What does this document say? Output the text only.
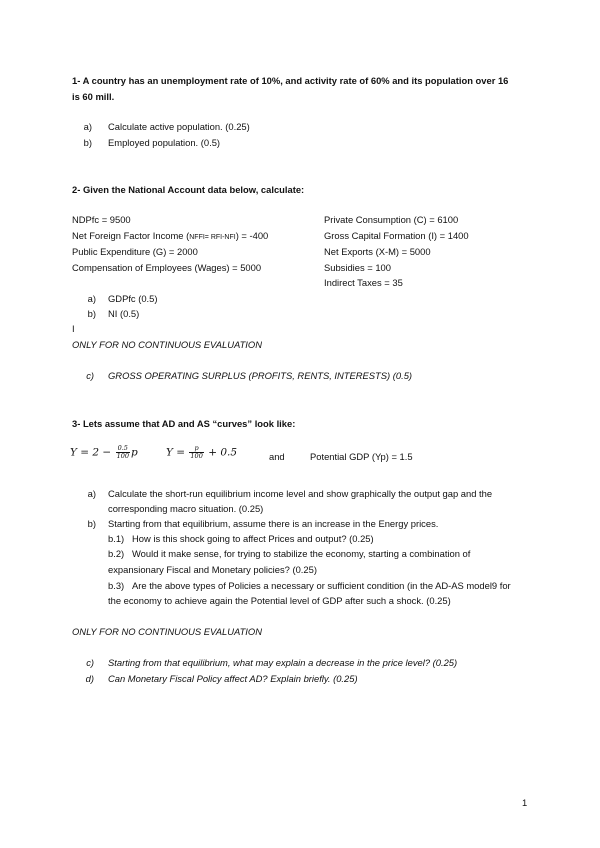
1- A country has an unemployment rate of 10%, and activity rate of 60% and its population over 16
is 60 mill.
a) Calculate active population. (0.25)
b) Employed population. (0.5)
2- Given the National Account data below, calculate:
NDPfc = 9500
Net Foreign Factor Income (NFFI= RFI-NFI) = -400
Public Expenditure (G) = 2000
Compensation of Employees (Wages) = 5000
Private Consumption (C) = 6100
Gross Capital Formation (I) = 1400
Net Exports (X-M) = 5000
Subsidies = 100
Indirect Taxes = 35
a) GDPfc (0.5)
b) NI (0.5)
I
ONLY FOR NO CONTINUOUS EVALUATION
c) GROSS OPERATING SURPLUS (PROFITS, RENTS, INTERESTS) (0.5)
3- Lets assume that AD and AS “curves” look like:
$Y = 2 - \frac{0.5}{100}$ p	$Y = \frac{p}{100} + 0.5$	and	Potential GDP (Yp) = 1.5
a) Calculate the short-run equilibrium income level and show graphically the output gap and the
corresponding macro situation. (0.25)
b) Starting from that equilibrium, assume there is an increase in the Energy prices.
b.1) How is this shock going to affect Prices and output? (0.25)
b.2) Would it make sense, for trying to stabilize the economy, starting a combination of
expansionary Fiscal and Monetary policies? (0.25)
b.3) Are the above types of Policies a necessary or sufficient condition (in the AD-AS model9 for
the economy to achieve again the Potential level of GDP after such a shock. (0.25)
ONLY FOR NO CONTINUOUS EVALUATION
c) Starting from that equilibrium, what may explain a decrease in the price level? (0.25)
d) Can Monetary Fiscal Policy affect AD? Explain briefly. (0.25)
1
